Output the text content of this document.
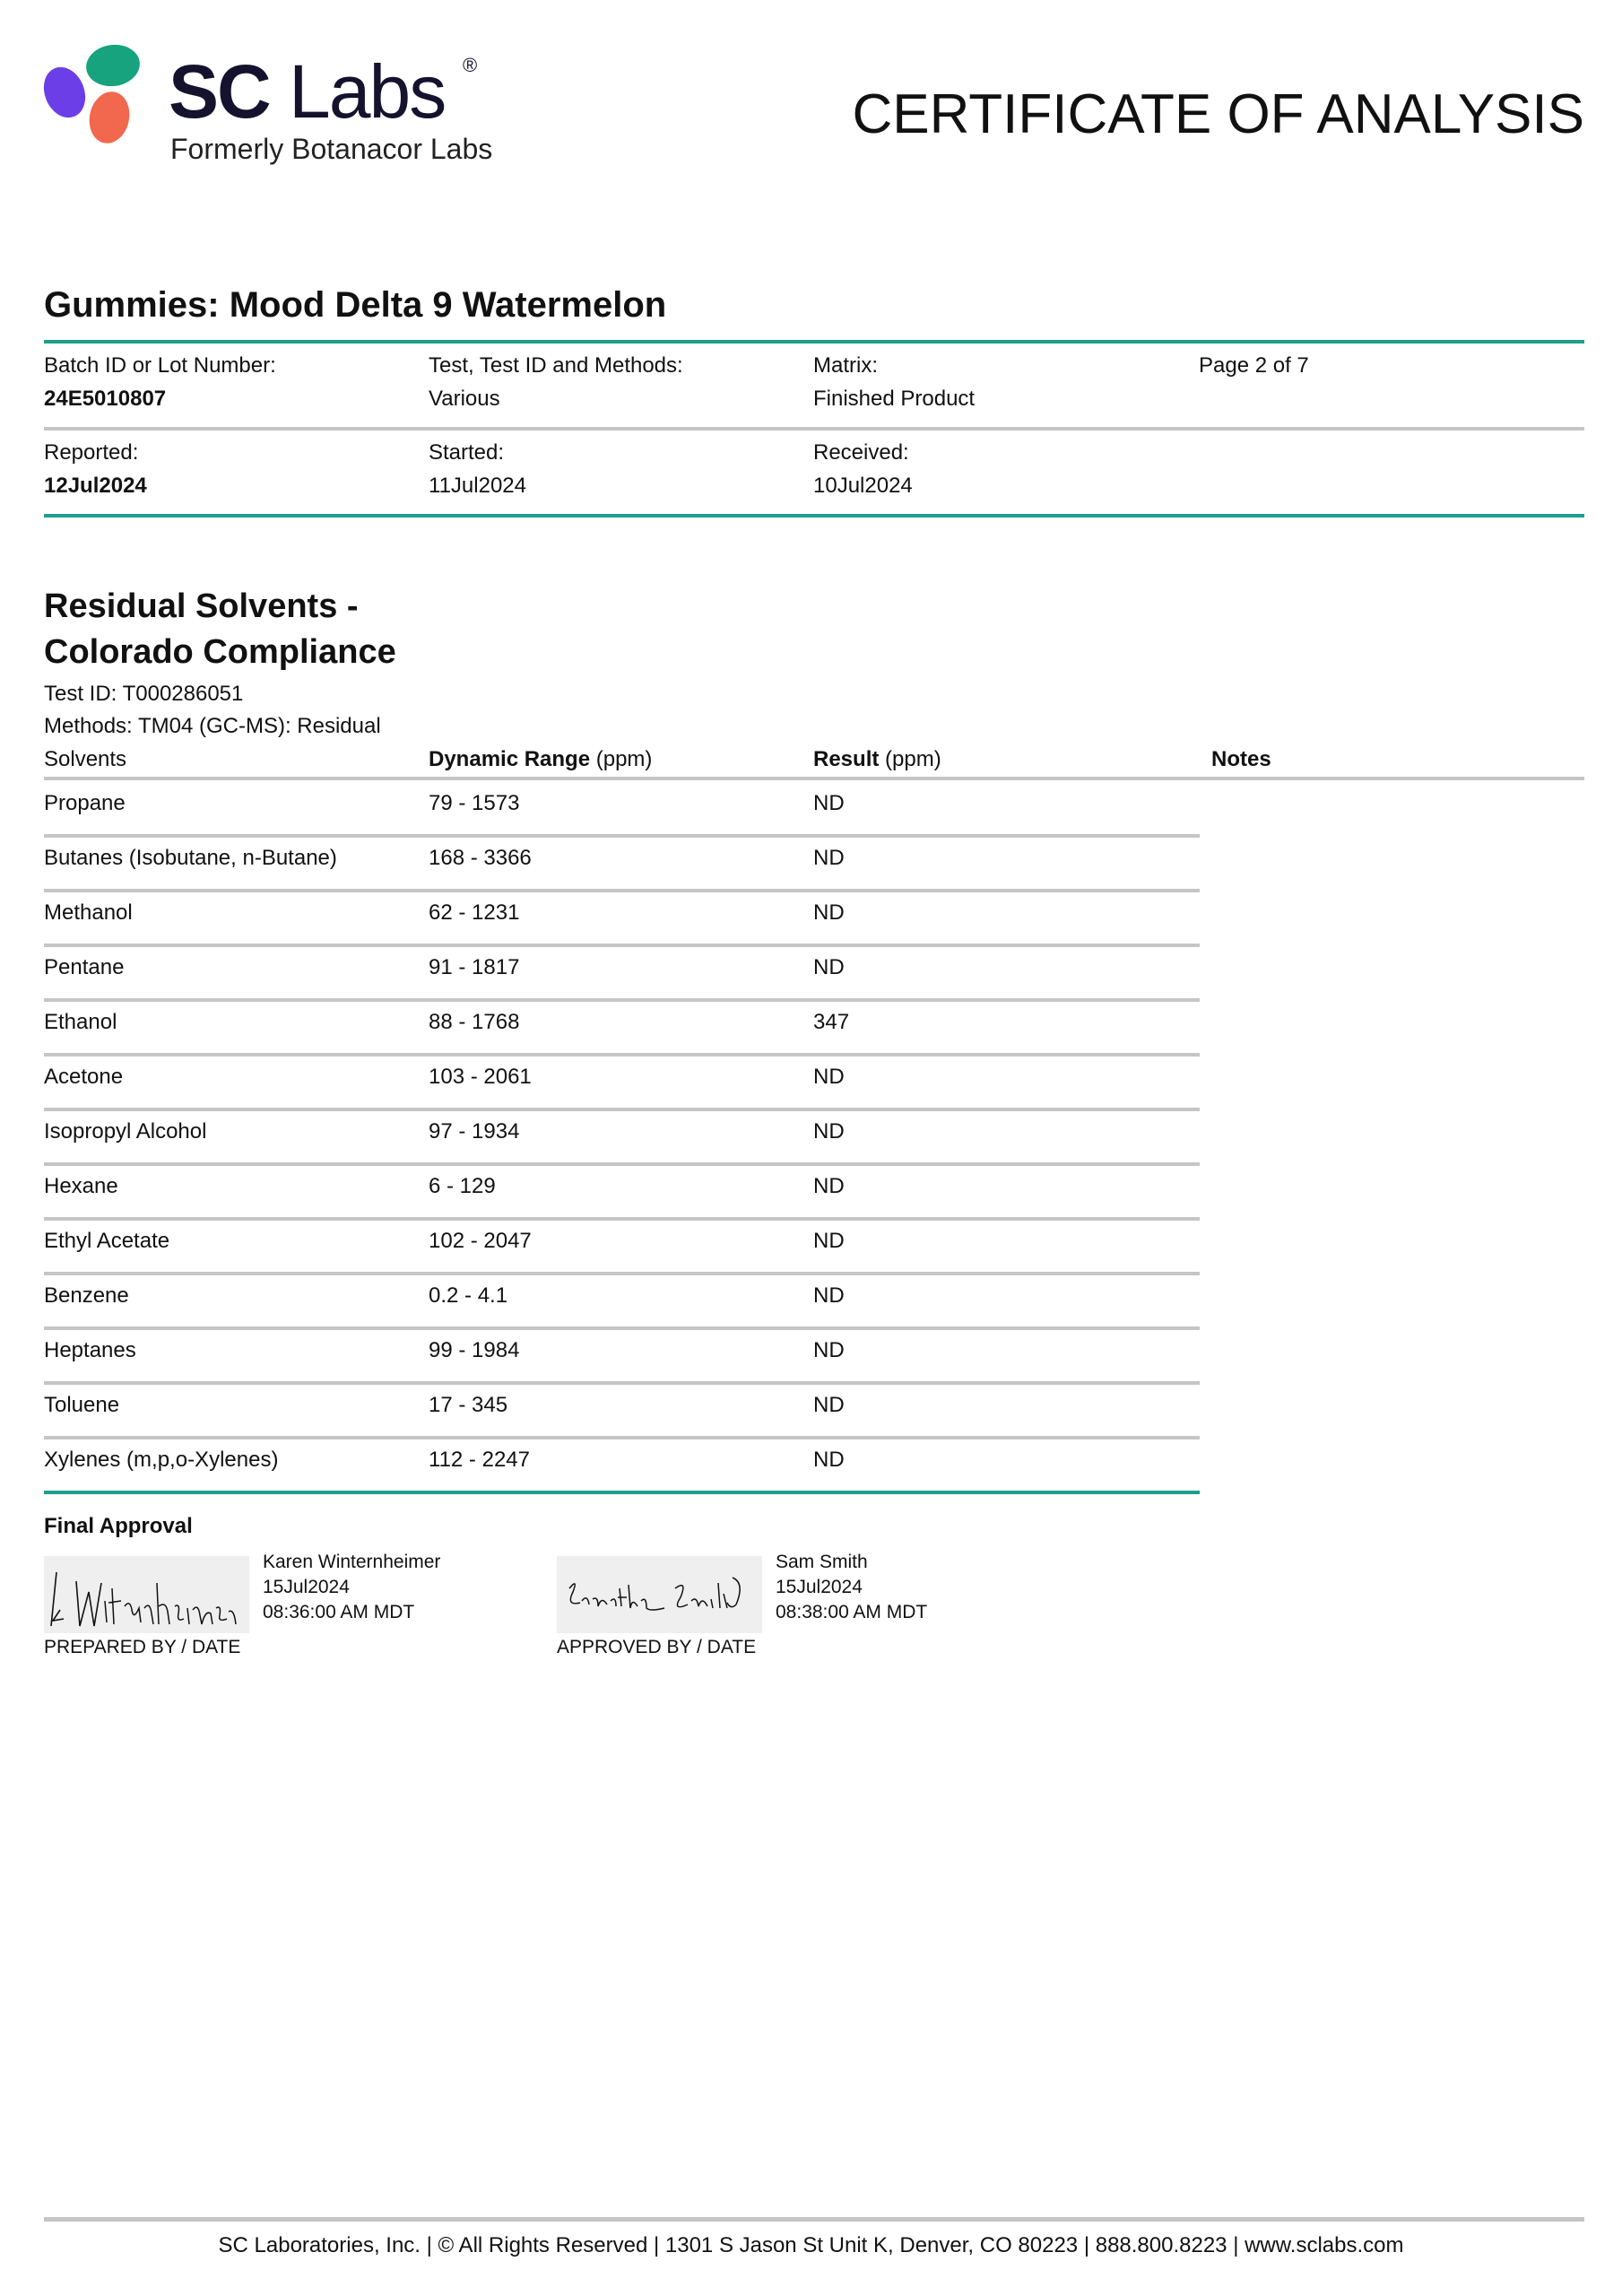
SC Labs ®
Formerly Botanacor Labs
CERTIFICATE OF ANALYSIS
Gummies: Mood Delta 9 Watermelon
Batch ID or Lot Number:
24E5010807
Test, Test ID and Methods:
Various
Matrix:
Finished Product
Page 2 of 7
Reported:
12Jul2024
Started:
11Jul2024
Received:
10Jul2024
Residual Solvents -
Colorado Compliance
Test ID: T000286051
Methods: TM04 (GC-MS): Residual
Solvents	Dynamic Range (ppm)	Result (ppm)	Notes
Propane	79 - 1573	ND
Butanes (Isobutane, n-Butane)	168 - 3366	ND
Methanol	62 - 1231	ND
Pentane	91 - 1817	ND
Ethanol	88 - 1768	347
Acetone	103 - 2061	ND
Isopropyl Alcohol	97 - 1934	ND
Hexane	6 - 129	ND
Ethyl Acetate	102 - 2047	ND
Benzene	0.2 - 4.1	ND
Heptanes	99 - 1984	ND
Toluene	17 - 345	ND
Xylenes (m,p,o-Xylenes)	112 - 2247	ND
Final Approval
Karen Winternheimer
15Jul2024
08:36:00 AM MDT
PREPARED BY / DATE
Sam Smith
15Jul2024
08:38:00 AM MDT
APPROVED BY / DATE
SC Laboratories, Inc. | © All Rights Reserved | 1301 S Jason St Unit K, Denver, CO 80223 | 888.800.8223 | www.sclabs.com
